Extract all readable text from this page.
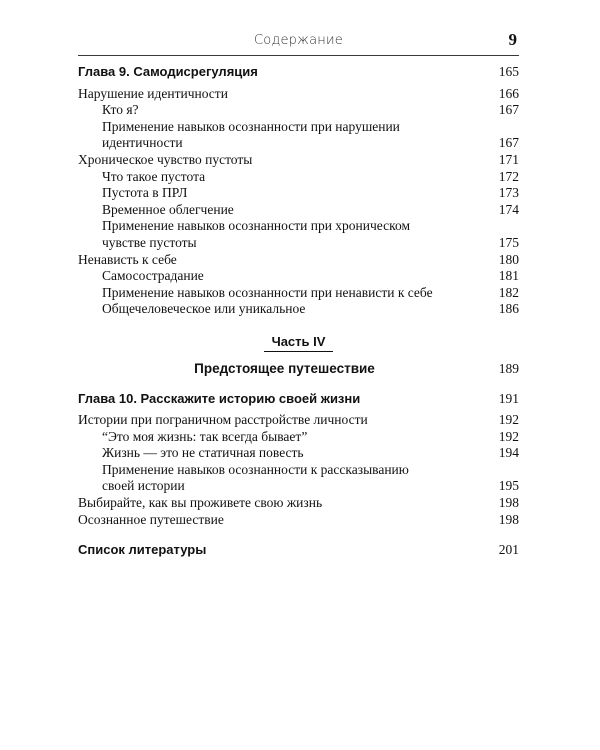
Содержание	9
Глава 9. Самодисрегуляция	165
Нарушение идентичности	166
Кто я?	167
Применение навыков осознанности при нарушении
идентичности	167
Хроническое чувство пустоты	171
Что такое пустота	172
Пустота в ПРЛ	173
Временное облегчение	174
Применение навыков осознанности при хроническом
чувстве пустоты	175
Ненависть к себе	180
Самосострадание	181
Применение навыков осознанности при ненависти к себе	182
Общечеловеческое или уникальное	186
Часть IV
Предстоящее путешествие	189
Глава 10. Расскажите историю своей жизни	191
Истории при пограничном расстройстве личности	192
“Это моя жизнь: так всегда бывает”	192
Жизнь — это не статичная повесть	194
Применение навыков осознанности к рассказыванию
своей истории	195
Выбирайте, как вы проживете свою жизнь	198
Осознанное путешествие	198
Список литературы	201
